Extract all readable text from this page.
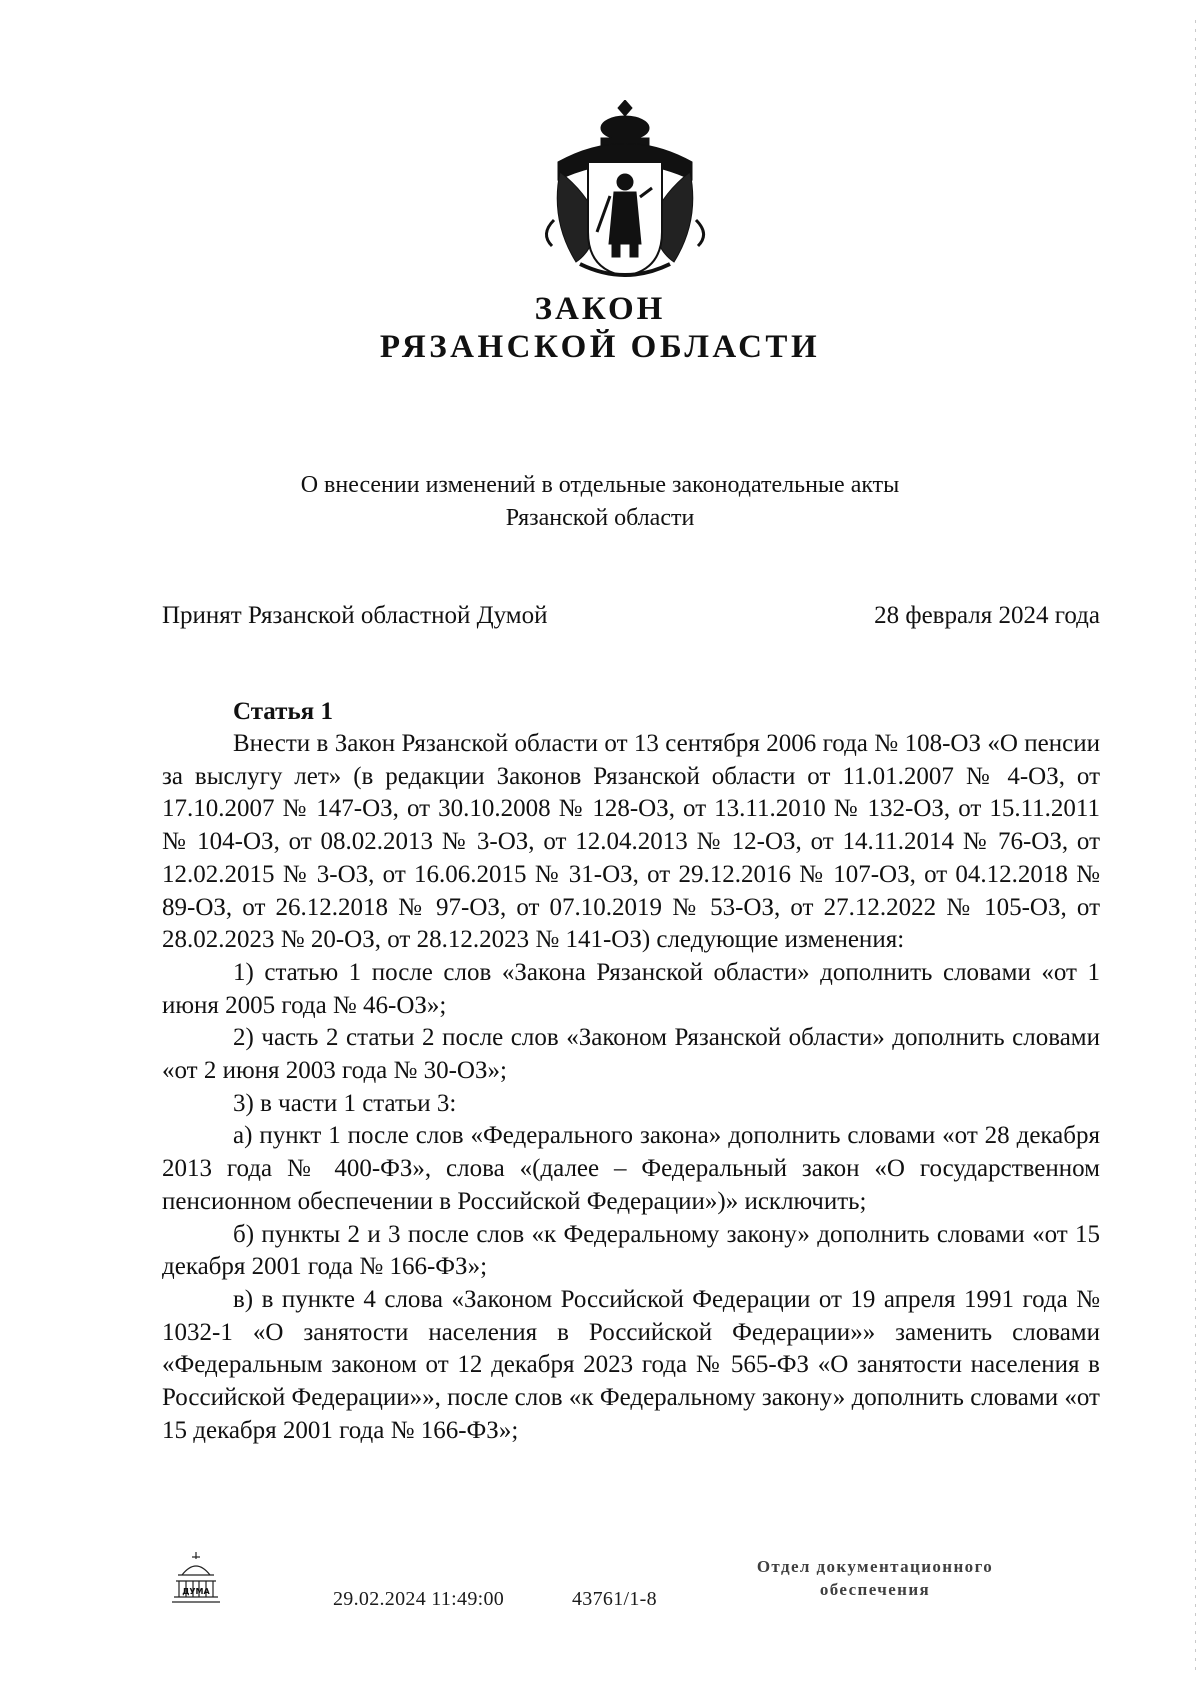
ЗАКОН
РЯЗАНСКОЙ ОБЛАСТИ
О внесении изменений в отдельные законодательные акты
Рязанской области
Принят Рязанской областной Думой	28 февраля 2024 года
Статья 1

Внести в Закон Рязанской области от 13 сентября 2006 года № 108-ОЗ «О пенсии за выслугу лет» (в редакции Законов Рязанской области от 11.01.2007 № 4-ОЗ, от 17.10.2007 № 147-ОЗ, от 30.10.2008 № 128-ОЗ, от 13.11.2010 № 132-ОЗ, от 15.11.2011 № 104-ОЗ, от 08.02.2013 № 3-ОЗ, от 12.04.2013 № 12-ОЗ, от 14.11.2014 № 76-ОЗ, от 12.02.2015 № 3-ОЗ, от 16.06.2015 № 31-ОЗ, от 29.12.2016 № 107-ОЗ, от 04.12.2018 № 89-ОЗ, от 26.12.2018 № 97-ОЗ, от 07.10.2019 № 53-ОЗ, от 27.12.2022 № 105-ОЗ, от 28.02.2023 № 20-ОЗ, от 28.12.2023 № 141-ОЗ) следующие изменения:

1) статью 1 после слов «Закона Рязанской области» дополнить словами «от 1 июня 2005 года № 46-ОЗ»;

2) часть 2 статьи 2 после слов «Законом Рязанской области» дополнить словами «от 2 июня 2003 года № 30-ОЗ»;

3) в части 1 статьи 3:

а) пункт 1 после слов «Федерального закона» дополнить словами «от 28 декабря 2013 года № 400-ФЗ», слова «(далее – Федеральный закон «О государственном пенсионном обеспечении в Российской Федерации»)» исключить;

б) пункты 2 и 3 после слов «к Федеральному закону» дополнить словами «от 15 декабря 2001 года № 166-ФЗ»;

в) в пункте 4 слова «Законом Российской Федерации от 19 апреля 1991 года № 1032-1 «О занятости населения в Российской Федерации»» заменить словами «Федеральным законом от 12 декабря 2023 года № 565-ФЗ «О занятости населения в Российской Федерации»», после слов «к Федеральному закону» дополнить словами «от 15 декабря 2001 года № 166-ФЗ»;

ДУМА	29.02.2024 11:49:00	43761/1-8
Отдел документационного
обеспечения
